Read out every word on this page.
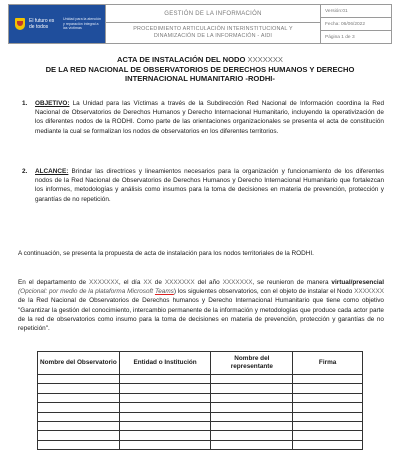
El futuro es de todos
Unidad para la atención y reparación integral a las víctimas
GESTIÓN DE LA INFORMACIÓN
PROCEDIMIENTO ARTICULACIÓN INTERINSTITUCIONAL Y
DINAMIZACIÓN DE LA INFORMACIÓN - AIDI
Versión:01
Fecha: 06/06/2022
Página 1 de 3
ACTA DE INSTALACIÓN DEL NODO XXXXXXX
DE LA RED NACIONAL DE OBSERVATORIOS DE DERECHOS HUMANOS Y DERECHO
INTERNACIONAL HUMANITARIO -RODHI-
1.	OBJETIVO: La Unidad para las Víctimas a través de la Subdirección Red Nacional de Información coordina la Red Nacional de Observatorios de Derechos Humanos y Derecho Internacional Humanitario, incluyendo la operativización de los diferentes nodos de la RODHI. Como parte de las orientaciones organizacionales se presenta el acta de constitución mediante la cual se formalizan los nodos de observatorios en los diferentes territorios.
2.	ALCANCE: Brindar las directrices y lineamientos necesarios para la organización y funcionamiento de los diferentes nodos de la Red Nacional de Observatorios de Derechos Humanos y Derecho Internacional Humanitario que fortalezcan los informes, metodologías y análisis como insumos para la toma de decisiones en materia de prevención, protección y garantías de no repetición.
A continuación, se presenta la propuesta de acta de instalación para los nodos territoriales de la RODHI.
En el departamento de XXXXXXX, el día XX de XXXXXXX del año XXXXXXX, se reunieron de manera virtual/presencial (Opcional: por medio de la plataforma Microsoft Teams) los siguientes observatorios, con el objeto de instalar el Nodo XXXXXXX de la Red Nacional de Observatorios de Derechos humanos y Derecho Internacional Humanitario que tiene como objetivo "Garantizar la gestión del conocimiento, intercambio permanente de la información y metodologías que produce cada actor parte de la red de observatorios como insumo para la toma de decisiones en materia de prevención, protección y garantías de no repetición".
Nombre del Observatorio	Entidad o Institución	Nombre del representante	Firma
